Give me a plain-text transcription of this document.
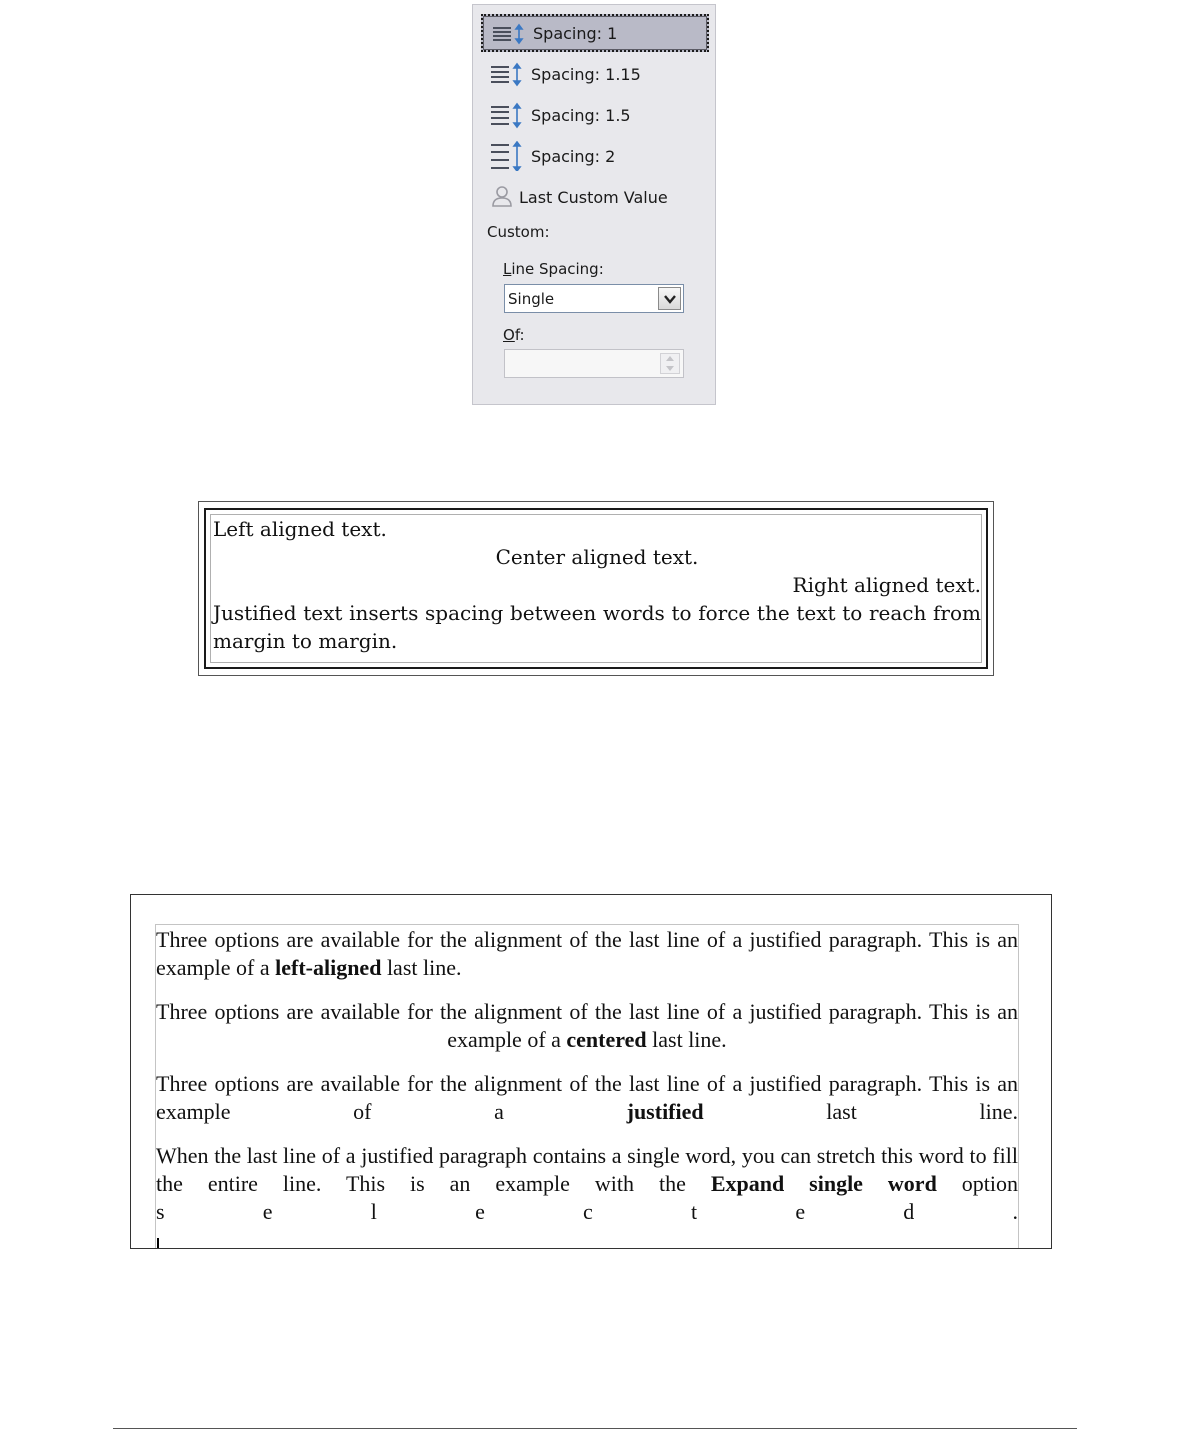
Spacing: 1
Spacing: 1.15
Spacing: 1.5
Spacing: 2
Last Custom Value
Custom:
Line Spacing:
Single
Of:

Left aligned text.

Center aligned text.

Right aligned text.

Justified text inserts spacing between words to force the text to reach from margin to margin.

Three options are available for the alignment of the last line of a justified paragraph. This is an example of a left-aligned last line.

Three options are available for the alignment of the last line of a justified paragraph. This is an example of a centered last line.

Three options are available for the alignment of the last line of a justified paragraph. This is an example of a justified last line.

When the last line of a justified paragraph contains a single word, you can stretch this word to fill the entire line. This is an example with the Expand single word option

s	e	l	e	c	t	e	d	.
